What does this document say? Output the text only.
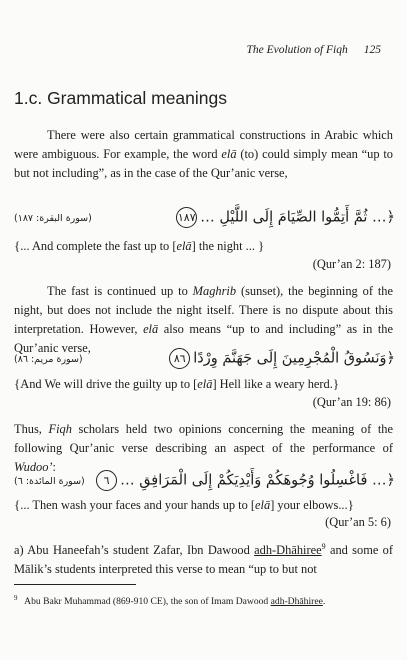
The Evolution of Fiqh 125
1.c. Grammatical meanings
There were also certain grammatical constructions in Arabic which were ambiguous. For example, the word elā (to) could simply mean “up to but not including”, as in the case of the Qur’anic verse,
﴿… ثُمَّ أَتِمُّوا الصِّيَامَ إِلَى اللَّيْلِ …١٨٧
(سورة البقرة: ١٨٧)
{... And complete the fast up to [elā] the night ... }
(Qur’an 2: 187)
The fast is continued up to Maghrib (sunset), the beginning of the night, but does not include the night itself. There is no dispute about this interpretation. However, elā also means “up to and including” as in the Qur’anic verse,
﴿وَنَسُوقُ الْمُجْرِمِينَ إِلَى جَهَنَّمَ وِرْدًا٨٦
(سورة مريم: ٨٦)
{And We will drive the guilty up to [elā] Hell like a weary herd.}
(Qur’an 19: 86)
Thus, Fiqh scholars held two opinions concerning the meaning of the following Qur’anic verse describing an aspect of the performance of Wudoo’:
﴿… فَاغْسِلُوا وُجُوهَكُمْ وَأَيْدِيَكُمْ إِلَى الْمَرَافِقِ …٦
(سورة المائدة: ٦)
{... Then wash your faces and your hands up to [elā] your elbows...}
(Qur’an 5: 6)
a) Abu Haneefah’s student Zafar, Ibn Dawood adh-Dhāhiree$^9$ and some of Mālik’s students interpreted this verse to mean “up to but not
$^9$   Abu Bakr Muhammad (869-910 CE), the son of Imam Dawood adh-Dhāhiree.
